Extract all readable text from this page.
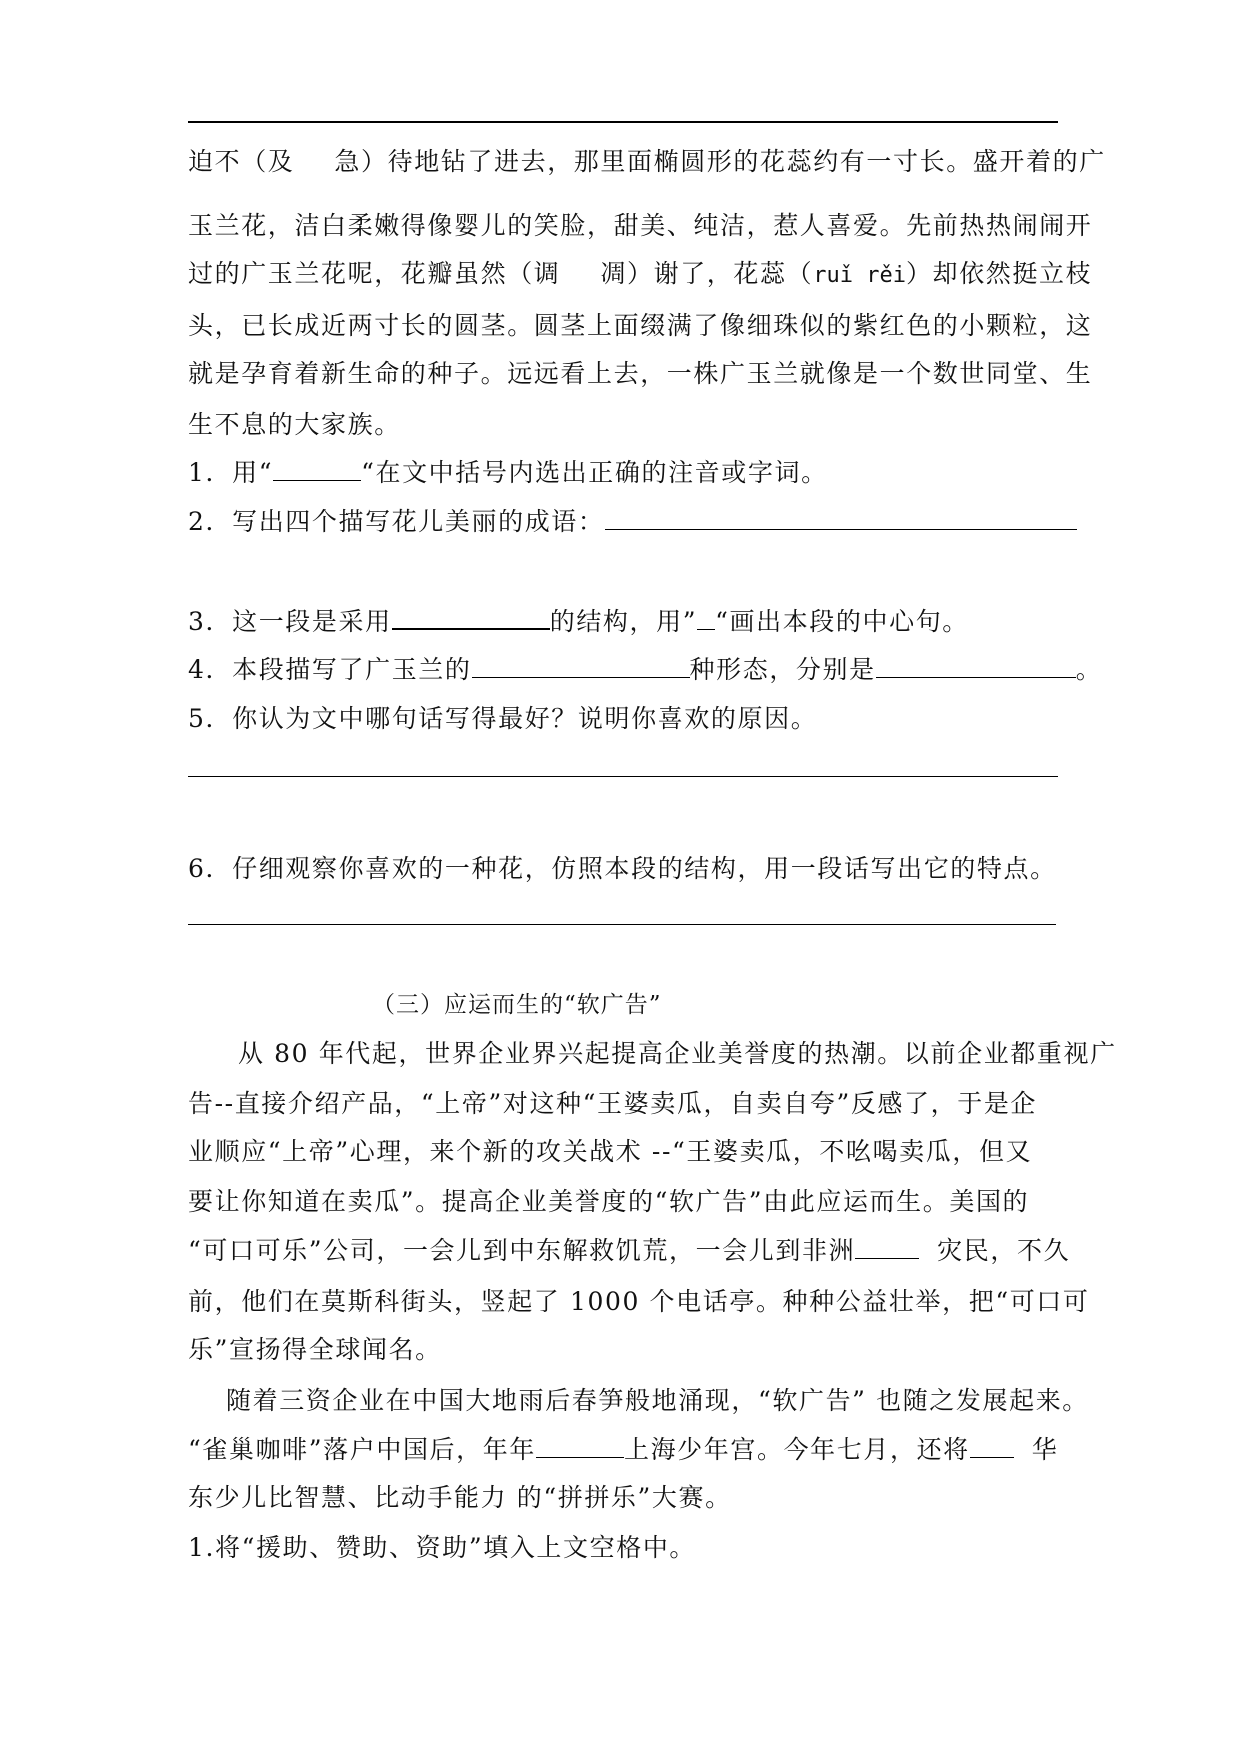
迫不（及 急）待地钻了进去，那里面椭圆形的花蕊约有一寸长。盛开着的广
玉兰花，洁白柔嫩得像婴儿的笑脸，甜美、纯洁，惹人喜爱。先前热热闹闹开
过的广玉兰花呢，花瓣虽然（调 凋）谢了，花蕊（ruǐ rěi）却依然挺立枝
头，已长成近两寸长的圆茎。圆茎上面缀满了像细珠似的紫红色的小颗粒，这
就是孕育着新生命的种子。远远看上去，一株广玉兰就像是一个数世同堂、生
生不息的大家族。
1．用“	“在文中括号内选出正确的注音或字词。
2．写出四个描写花儿美丽的成语：
3．这一段是采用	的结构，用” “画出本段的中心句。
4．本段描写了广玉兰的	种形态，分别是	。
5．你认为文中哪句话写得最好？说明你喜欢的原因。
6．仔细观察你喜欢的一种花，仿照本段的结构，用一段话写出它的特点。
（三）应运而生的“软广告”
从 80 年代起，世界企业界兴起提高企业美誉度的热潮。以前企业都重视广
告--直接介绍产品，“上帝”对这种“王婆卖瓜，自卖自夸”反感了，于是企
业顺应“上帝”心理，来个新的攻关战术 --“王婆卖瓜，不吆喝卖瓜，但又
要让你知道在卖瓜”。提高企业美誉度的“软广告”由此应运而生。美国的
“可口可乐”公司，一会儿到中东解救饥荒，一会儿到非洲	灾民，不久
前，他们在莫斯科街头，竖起了 1000 个电话亭。种种公益壮举，把“可口可
乐”宣扬得全球闻名。
随着三资企业在中国大地雨后春笋般地涌现，“软广告” 也随之发展起来。
“雀巢咖啡”落户中国后，年年	上海少年宫。今年七月，还将 华
东少儿比智慧、比动手能力 的“拼拼乐”大赛。
1.将“援助、赞助、资助”填入上文空格中。
